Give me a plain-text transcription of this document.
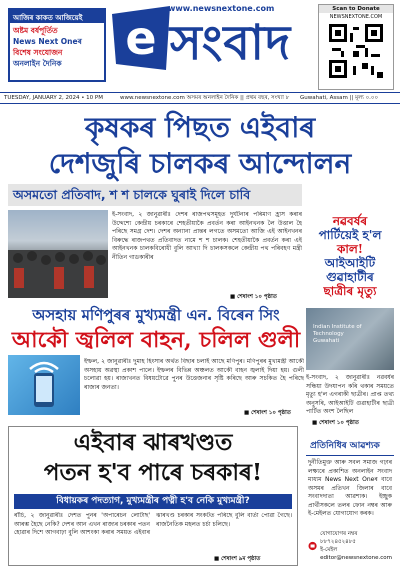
আজিৰ কাকত আজিয়েই
অষ্টম বৰ্ষপূৰ্তিত
News Next Oneৰ
বিশেষ সংযোজন
অনলাইন দৈনিক	e
www.newsnextone.com
সংবাদ
Scan to Donate
NEWSNEXTONE.COM
TUESDAY, JANUARY 2, 2024 • 10 PM	www.newsnextone.com অসমৰ অনলাইন দৈনিক || প্ৰথম বছৰ, সংখ্যা ৮ Guwahati, Assam || মূল্য ০.০০
কৃষকৰ পিছত এইবাৰ
দেশজুৰি চালকৰ আন্দোলন
অসমতো প্ৰতিবাদ, শ শ চালকে ঘুৰাই দিলে চাবি
ই-সংবাদ, ২ জানুৱাৰীঃ দেশৰ ৰাজপথসমূহত দুৰ্ঘটনাৰ পৰিমাণ হ্ৰাস কৰাৰ উদ্দেশ্যে কেন্দ্ৰীয় চৰকাৰে শেহতীয়াকৈ প্ৰবৰ্তন কৰা আইনখনক লৈ উত্তাল হৈ পৰিছে সমগ্ৰ দেশ। দেশৰ অন্যান্য প্ৰান্তৰ লগতে অসমতো আজি এই আইনখনৰ বিৰুদ্ধে ৰাজপথত প্ৰতিবাদত নামে শ শ চালক। শেহতীয়াকৈ প্ৰবৰ্তন কৰা এই আইনখনক চালকবিৰোধী বুলি আখ্যা দি চালকসকলে কেন্দ্ৰীয় পথ পৰিবহণ মন্ত্ৰী নীতিন গাডকাৰীৰ
■ শেষাংশ ১০ পৃষ্ঠাত
নৱবৰ্ষৰ
পাৰ্টিয়েই হ'ল
কাল!
আইআইটি
গুৱাহাটীৰ
ছাত্ৰীৰ মৃত্যু
Indian Institute of Technology Guwahati
ই-সংবাদ, ২ জানুৱাৰীঃ নৱবৰ্ষৰ সন্ধিয়া উদযাপন কৰি থকাৰ সময়তে মৃত্যু হ'ল এগৰাকী ছাত্ৰীৰ। প্ৰাপ্ত তথ্য অনুসৰি, আইআইটি গুৱাহাটীৰ ছাত্ৰী পাৰ্টিত অংশ লৈছিল
■ শেষাংশ ১০ পৃষ্ঠাত
অসহায় মণিপুৰৰ মুখ্যমন্ত্ৰী এন. বিৰেন সিং
আকৌ জ্বলিল বাহন, চলিল গুলী
ইম্ফল, ২ জানুৱাৰীঃ দুমাহ হিংসাৰ অৰ্থত বিছাৰ চলাই আছে মণিপুৰ। মণিপুৰৰ মুখ্যমন্ত্ৰী আকৌ অসহায় অৱস্থা প্ৰকাশ পালে। ইম্ফলৰ বিভিন্ন অঞ্চলত আকৌ বাহন জ্বলাই দিয়া হয়। গুলী চলোৱা হয়। ৰাজ্যখনত বিষয়টোৱে পুনৰ উত্তেজনাৰ সৃষ্টি কৰিছে আৰু সচকিত হৈ পৰিছে ৰাজ্যৰ জনতা।
■ শেষাংশ ১০ পৃষ্ঠাত
এইবাৰ ঝাৰখণ্ডত
পতন হ'ব পাৰে চৰকাৰ!
বিধায়কৰ পদত্যাগ, মুখ্যমন্ত্ৰীৰ পত্নী হ'ব নেকি মুখ্যমন্ত্ৰী?
ৰাঁচি, ২ জানুৱাৰীঃ দেশত পুনৰ 'অপাৰেচন লোটাছ' আৰম্ভ হৈছে নেকি? দেশৰ আন এখন ৰাজ্যৰ চৰকাৰ পতন হোৱাৰ দিশে আগবাঢ়া বুলি আশংকা কৰাৰ সময়ত এইবাৰ ঝাৰখণ্ড চৰকাৰ সংকটত পৰিছে বুলি বাৰ্তা পোৱা গৈছে। ৰাজনৈতিক মহলত চৰ্চা চলিছে।
■ শেষাংশ ৯ম পৃষ্ঠাত
প্ৰতিনিধিৰ আৱশ্যক
দুৰ্নীতিমুক্ত আৰু সবল সমাজ গঢ়াৰ লক্ষ্যৰে প্ৰকাশিত অনলাইন সংবাদ মাধ্যম News Next Oneৰ বাবে অসমৰ প্ৰতিখন জিলাৰ বাবে সংবাদদাতা আৱশ্যক। ইচ্ছুক প্ৰাৰ্থীসকলে তলৰ ফোন নম্বৰ আৰু ই-মেইলত যোগাযোগ কৰক।
যোগাযোগৰ নম্বৰ ৮৮৭২৪৫২৪৮৫
ই-মেইল editor@newsnextone.com
